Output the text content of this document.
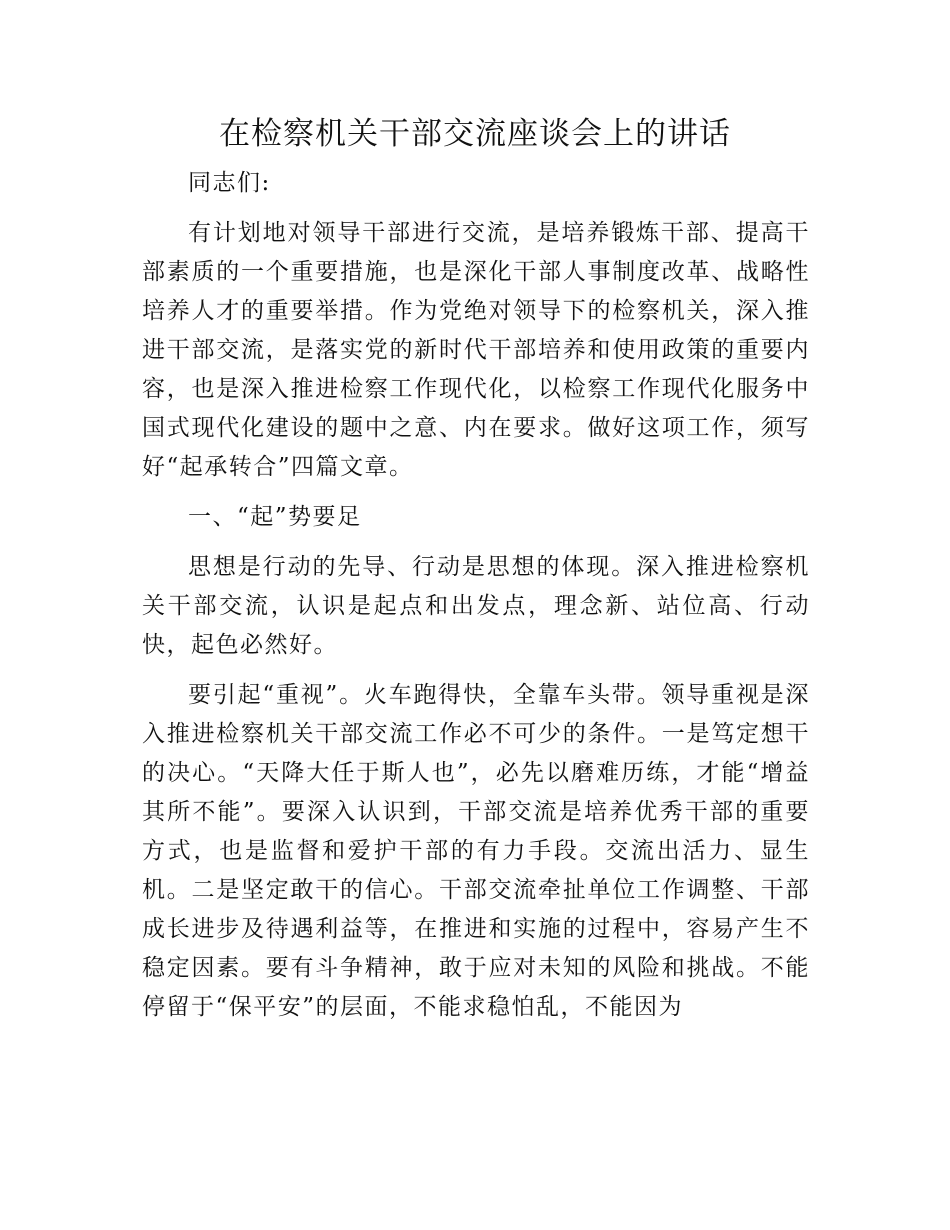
在检察机关干部交流座谈会上的讲话

同志们:

有计划地对领导干部进行交流，是培养锻炼干部、提高干部素质的一个重要措施，也是深化干部人事制度改革、战略性培养人才的重要举措。作为党绝对领导下的检察机关，深入推进干部交流，是落实党的新时代干部培养和使用政策的重要内容，也是深入推进检察工作现代化，以检察工作现代化服务中国式现代化建设的题中之意、内在要求。做好这项工作，须写好“起承转合”四篇文章。

一、“起”势要足

思想是行动的先导、行动是思想的体现。深入推进检察机关干部交流，认识是起点和出发点，理念新、站位高、行动快，起色必然好。

要引起“重视”。火车跑得快，全靠车头带。领导重视是深入推进检察机关干部交流工作必不可少的条件。一是笃定想干的决心。“天降大任于斯人也”，必先以磨难历练，才能“增益其所不能”。要深入认识到，干部交流是培养优秀干部的重要方式，也是监督和爱护干部的有力手段。交流出活力、显生机。二是坚定敢干的信心。干部交流牵扯单位工作调整、干部成长进步及待遇利益等，在推进和实施的过程中，容易产生不稳定因素。要有斗争精神，敢于应对未知的风险和挑战。不能停留于“保平安”的层面，不能求稳怕乱，不能因为
